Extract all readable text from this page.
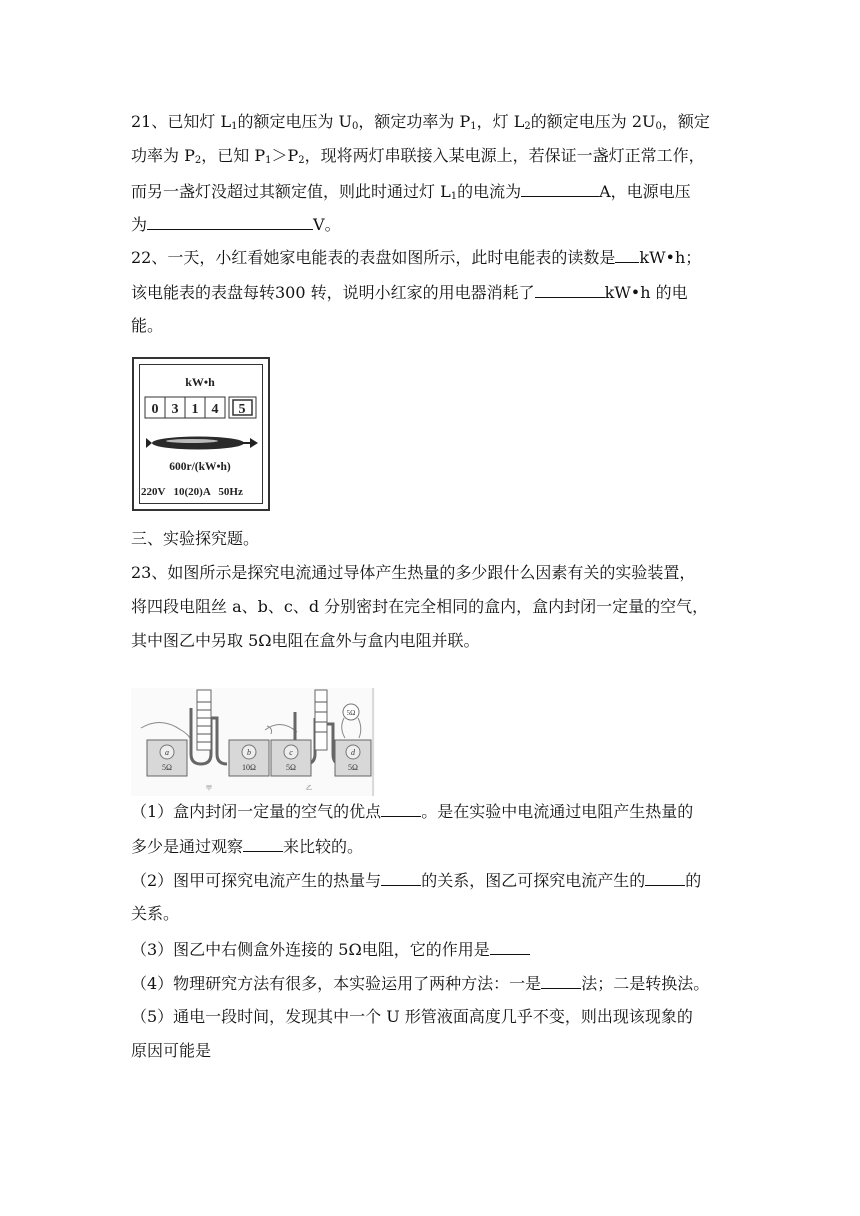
21、已知灯 $L_1$的额定电压为 $U_0$，额定功率为 $P_1$，灯 $L_2$的额定电压为 $2U_0$，额定
功率为 $P_2$，已知 $P_1>P_2$，现将两灯串联接入某电源上，若保证一盏灯正常工作，
而另一盏灯没超过其额定值，则此时通过灯 $L_1$的电流为	A，电源电压
为	V。
22、一天，小红看她家电能表的表盘如图所示，此时电能表的读数是 kW•h；
该电能表的表盘每转300 转，说明小红家的用电器消耗了	kW•h 的电
能。
kW•h
0 3 1 4 5
600r/(kW•h)
220V   10(20)A   50Hz
三、实验探究题。
23、如图所示是探究电流通过导体产生热量的多少跟什么因素有关的实验装置，
将四段电阻丝 a、b、c、d 分别密封在完全相同的盒内，盒内封闭一定量的空气，
其中图乙中另取 5Ω电阻在盒外与盒内电阻并联。
a	b
5Ω	10Ω
甲
c	d
5Ω	5Ω
5Ω
乙
（1）盒内封闭一定量的空气的优点	。是在实验中电流通过电阻产生热量的
多少是通过观察	来比较的。
（2）图甲可探究电流产生的热量与	的关系，图乙可探究电流产生的	的
关系。
（3）图乙中右侧盒外连接的 5Ω电阻，它的作用是
（4）物理研究方法有很多，本实验运用了两种方法：一是	法；二是转换法。
（5）通电一段时间，发现其中一个 U 形管液面高度几乎不变，则出现该现象的
原因可能是
